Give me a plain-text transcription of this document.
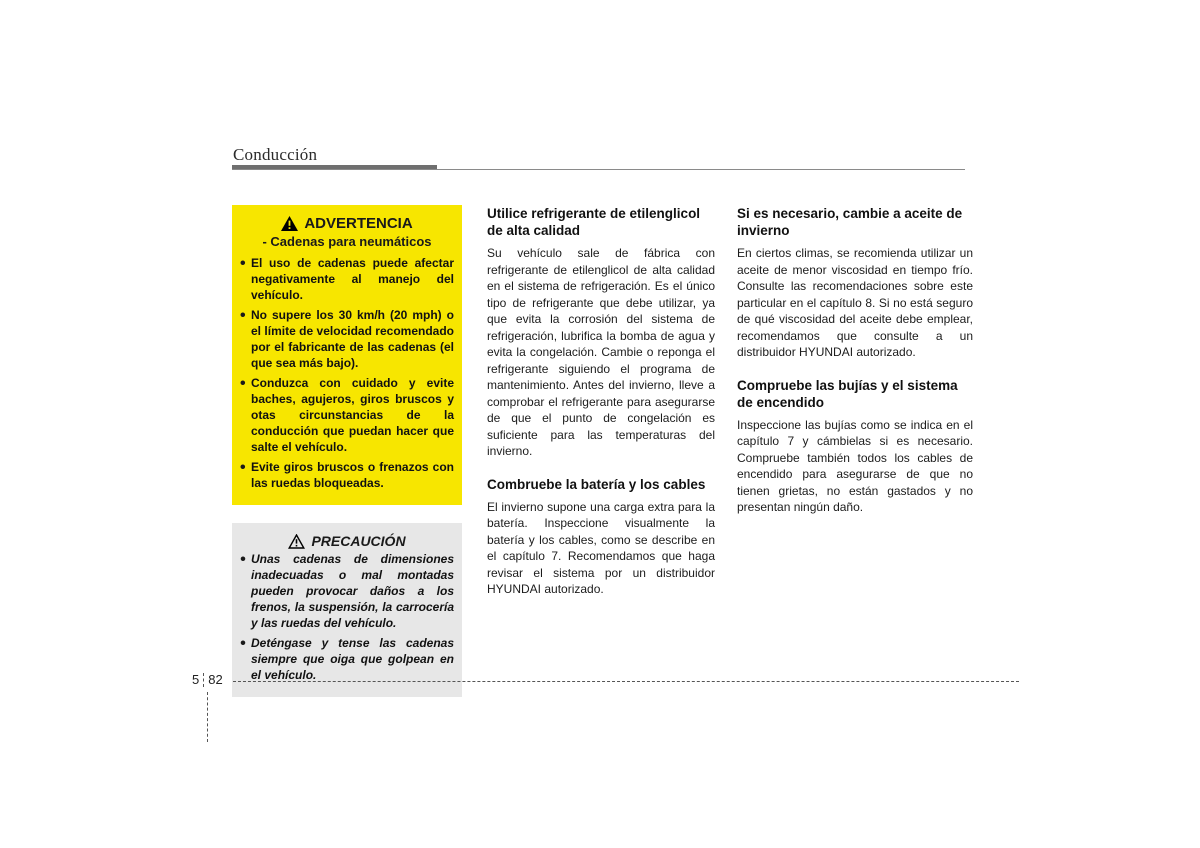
Conducción
ADVERTENCIA
- Cadenas para neumáticos
• El uso de cadenas puede afectar negativamente al manejo del vehículo.
• No supere los 30 km/h (20 mph) o el límite de velocidad recomendado por el fabricante de las cadenas (el que sea más bajo).
• Conduzca con cuidado y evite baches, agujeros, giros bruscos y otas circunstancias de la conducción que puedan hacer que salte el vehículo.
• Evite giros bruscos o frenazos con las ruedas bloqueadas.
PRECAUCIÓN
• Unas cadenas de dimensiones inadecuadas o mal montadas pueden provocar daños a los frenos, la suspensión, la carrocería y las ruedas del vehículo.
• Deténgase y tense las cadenas siempre que oiga que golpean en el vehículo.
Utilice refrigerante de etilenglicol de alta calidad

Su vehículo sale de fábrica con refrigerante de etilenglicol de alta calidad en el sistema de refrigeración. Es el único tipo de refrigerante que debe utilizar, ya que evita la corrosión del sistema de refrigeración, lubrifica la bomba de agua y evita la congelación. Cambie o reponga el refrigerante siguiendo el programa de mantenimiento. Antes del invierno, lleve a comprobar el refrigerante para asegurarse de que el punto de congelación es suficiente para las temperaturas del invierno.

Combruebe la batería y los cables

El invierno supone una carga extra para la batería. Inspeccione visualmente la batería y los cables, como se describe en el capítulo 7. Recomendamos que haga revisar el sistema por un distribuidor HYUNDAI autorizado.

Si es necesario, cambie a aceite de invierno

En ciertos climas, se recomienda utilizar un aceite de menor viscosidad en tiempo frío. Consulte las recomendaciones sobre este particular en el capítulo 8. Si no está seguro de qué viscosidad del aceite debe emplear, recomendamos que consulte a un distribuidor HYUNDAI autorizado.

Compruebe las bujías y el sistema de encendido

Inspeccione las bujías como se indica en el capítulo 7 y cámbielas si es necesario. Compruebe también todos los cables de encendido para asegurarse de que no tienen grietas, no están gastados y no presentan ningún daño.

5 82
